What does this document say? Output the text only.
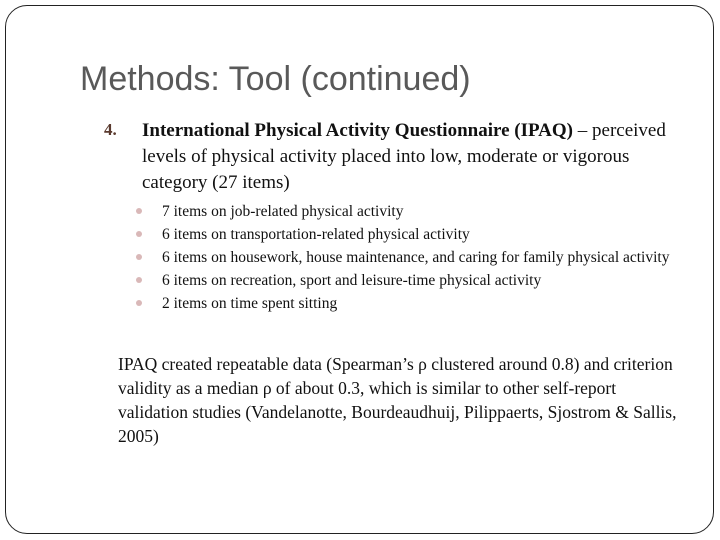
Methods: Tool (continued)
4. International Physical Activity Questionnaire (IPAQ) – perceived levels of physical activity placed into low, moderate or vigorous category (27 items)
7 items on job-related physical activity
6 items on transportation-related physical activity
6 items on housework, house maintenance, and caring for family physical activity
6 items on recreation, sport and leisure-time physical activity
2 items on time spent sitting
IPAQ created repeatable data (Spearman’s ρ clustered around 0.8) and criterion validity as a median ρ of about 0.3, which is similar to other self-report validation studies (Vandelanotte, Bourdeaudhuij, Pilippaerts, Sjostrom & Sallis, 2005)
